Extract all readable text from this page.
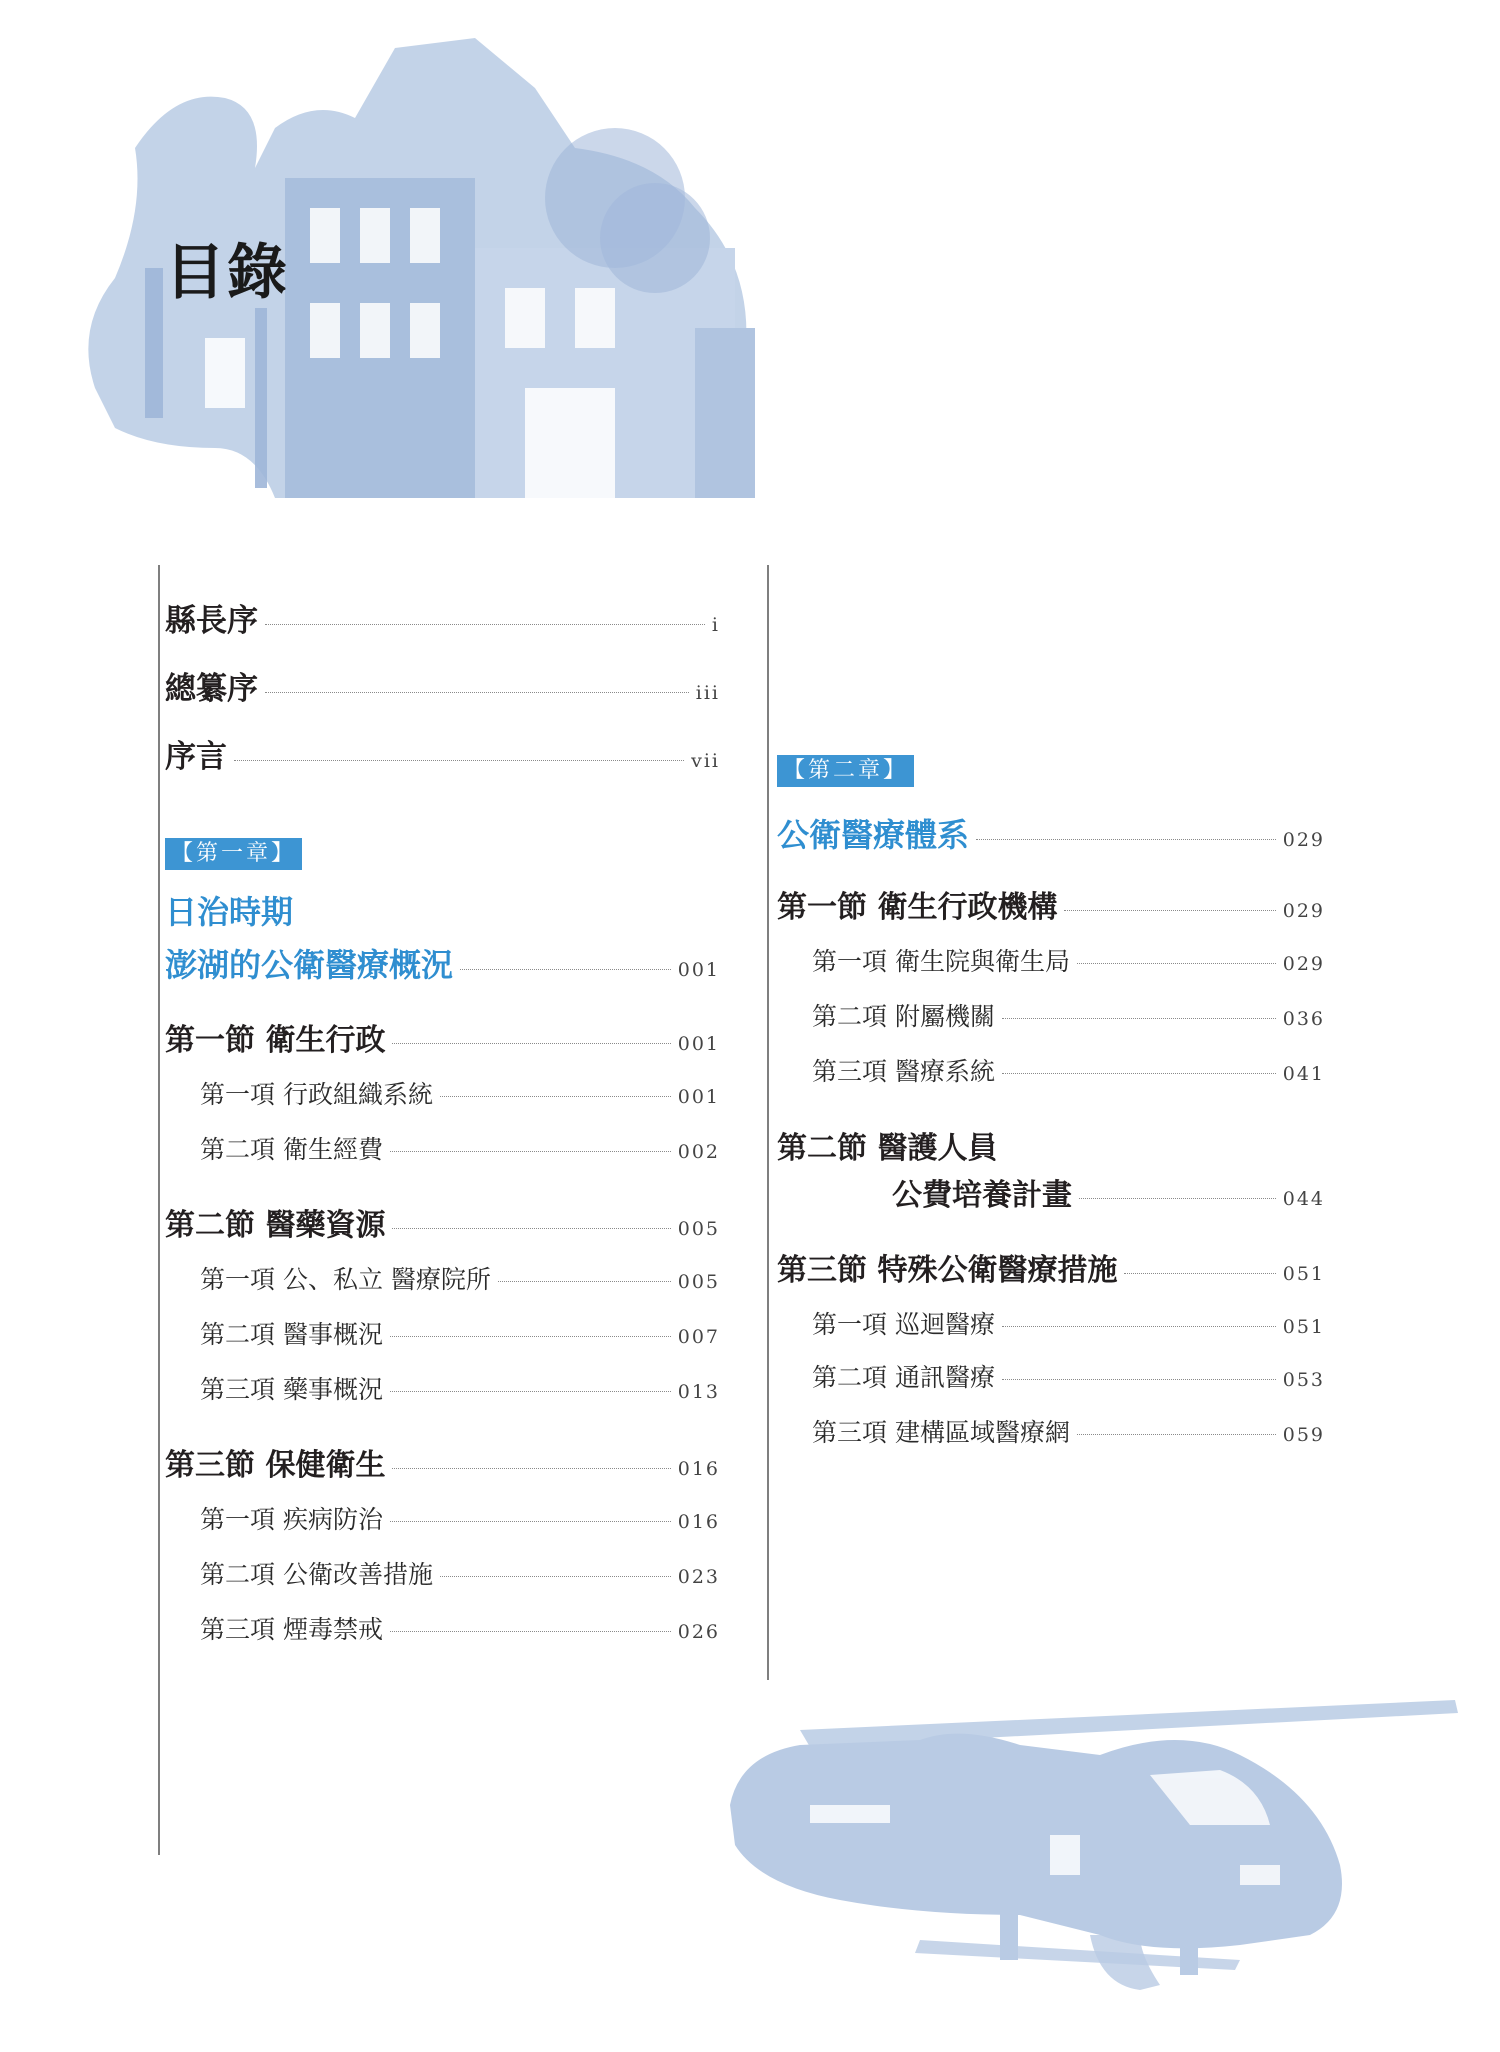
目錄
縣長序	i
總纂序	iii
序言	vii
【第一章】
日治時期
澎湖的公衛醫療概況	001
第一節 衛生行政	001
第一項 行政組織系統	001
第二項 衛生經費	002
第二節 醫藥資源	005
第一項 公、私立 醫療院所	005
第二項 醫事概況	007
第三項 藥事概況	013
第三節 保健衛生	016
第一項 疾病防治	016
第二項 公衛改善措施	023
第三項 煙毒禁戒	026
【第二章】
公衛醫療體系	029
第一節 衛生行政機構	029
第一項 衛生院與衛生局	029
第二項 附屬機關	036
第三項 醫療系統	041
第二節 醫護人員
公費培養計畫	044
第三節 特殊公衛醫療措施	051
第一項 巡迴醫療	051
第二項 通訊醫療	053
第三項 建構區域醫療網	059
